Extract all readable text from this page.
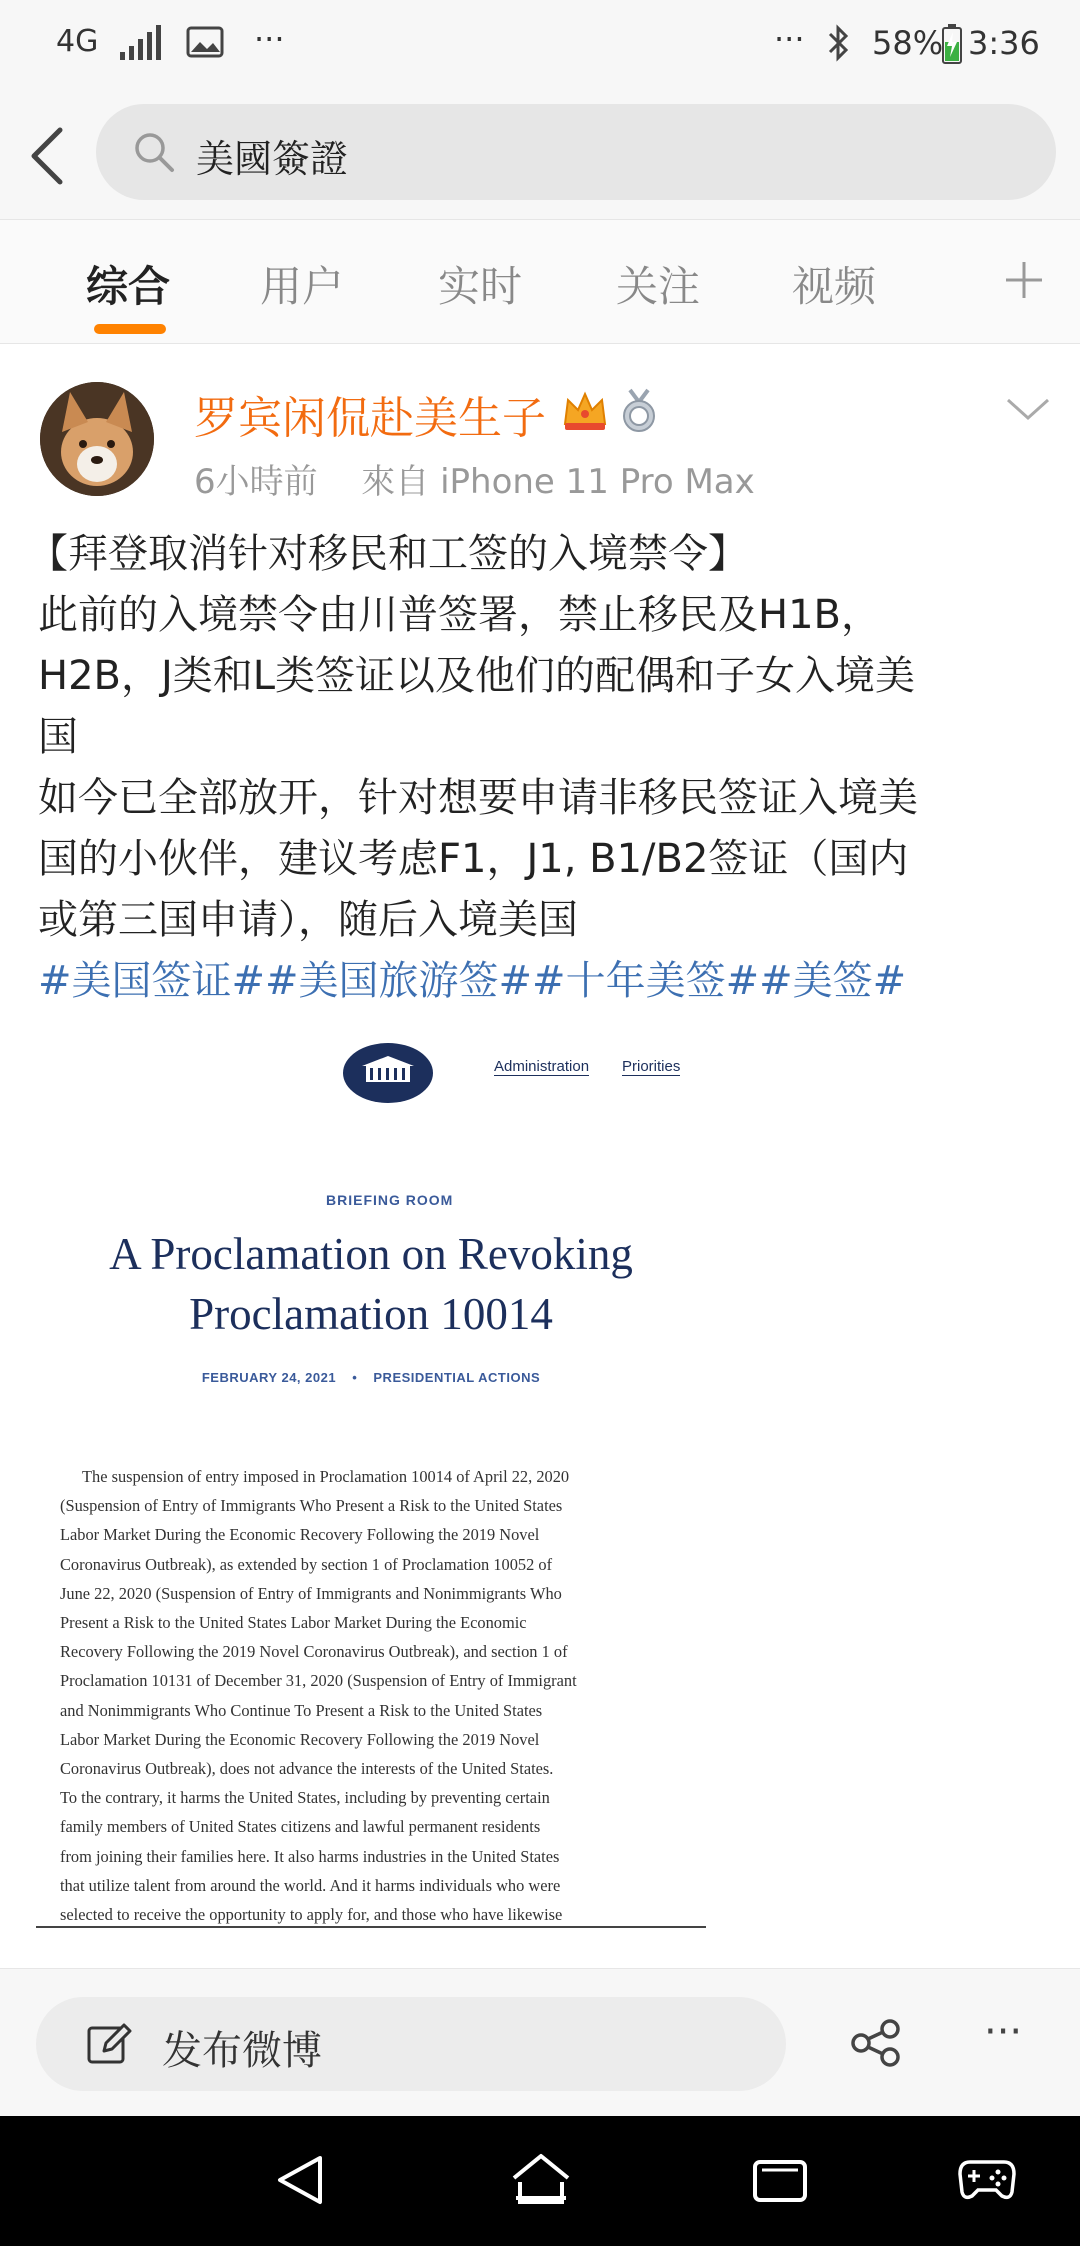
4G	···	··· 58% 3:36
美國簽證
综合 用户 实时 关注 视频
罗宾闲侃赴美生子
6小時前 來自 iPhone 11 Pro Max
【拜登取消针对移民和工签的入境禁令】
此前的入境禁令由川普签署，禁止移民及H1B，
H2B，J类和L类签证以及他们的配偶和子女入境美
国
如今已全部放开，针对想要申请非移民签证入境美
国的小伙伴，建议考虑F1，J1, B1/B2签证（国内
或第三国申请），随后入境美国
#美国签证##美国旅游签##十年美签##美签#
Administration Priorities
BRIEFING ROOM
A Proclamation on Revoking
Proclamation 10014
FEBRUARY 24, 2021 • PRESIDENTIAL ACTIONS
The suspension of entry imposed in Proclamation 10014 of April 22, 2020
(Suspension of Entry of Immigrants Who Present a Risk to the United States
Labor Market During the Economic Recovery Following the 2019 Novel
Coronavirus Outbreak), as extended by section 1 of Proclamation 10052 of
June 22, 2020 (Suspension of Entry of Immigrants and Nonimmigrants Who
Present a Risk to the United States Labor Market During the Economic
Recovery Following the 2019 Novel Coronavirus Outbreak), and section 1 of
Proclamation 10131 of December 31, 2020 (Suspension of Entry of Immigrant
and Nonimmigrants Who Continue To Present a Risk to the United States
Labor Market During the Economic Recovery Following the 2019 Novel
Coronavirus Outbreak), does not advance the interests of the United States.
To the contrary, it harms the United States, including by preventing certain
family members of United States citizens and lawful permanent residents
from joining their families here. It also harms industries in the United States
that utilize talent from around the world. And it harms individuals who were
selected to receive the opportunity to apply for, and those who have likewise
发布微博	···
